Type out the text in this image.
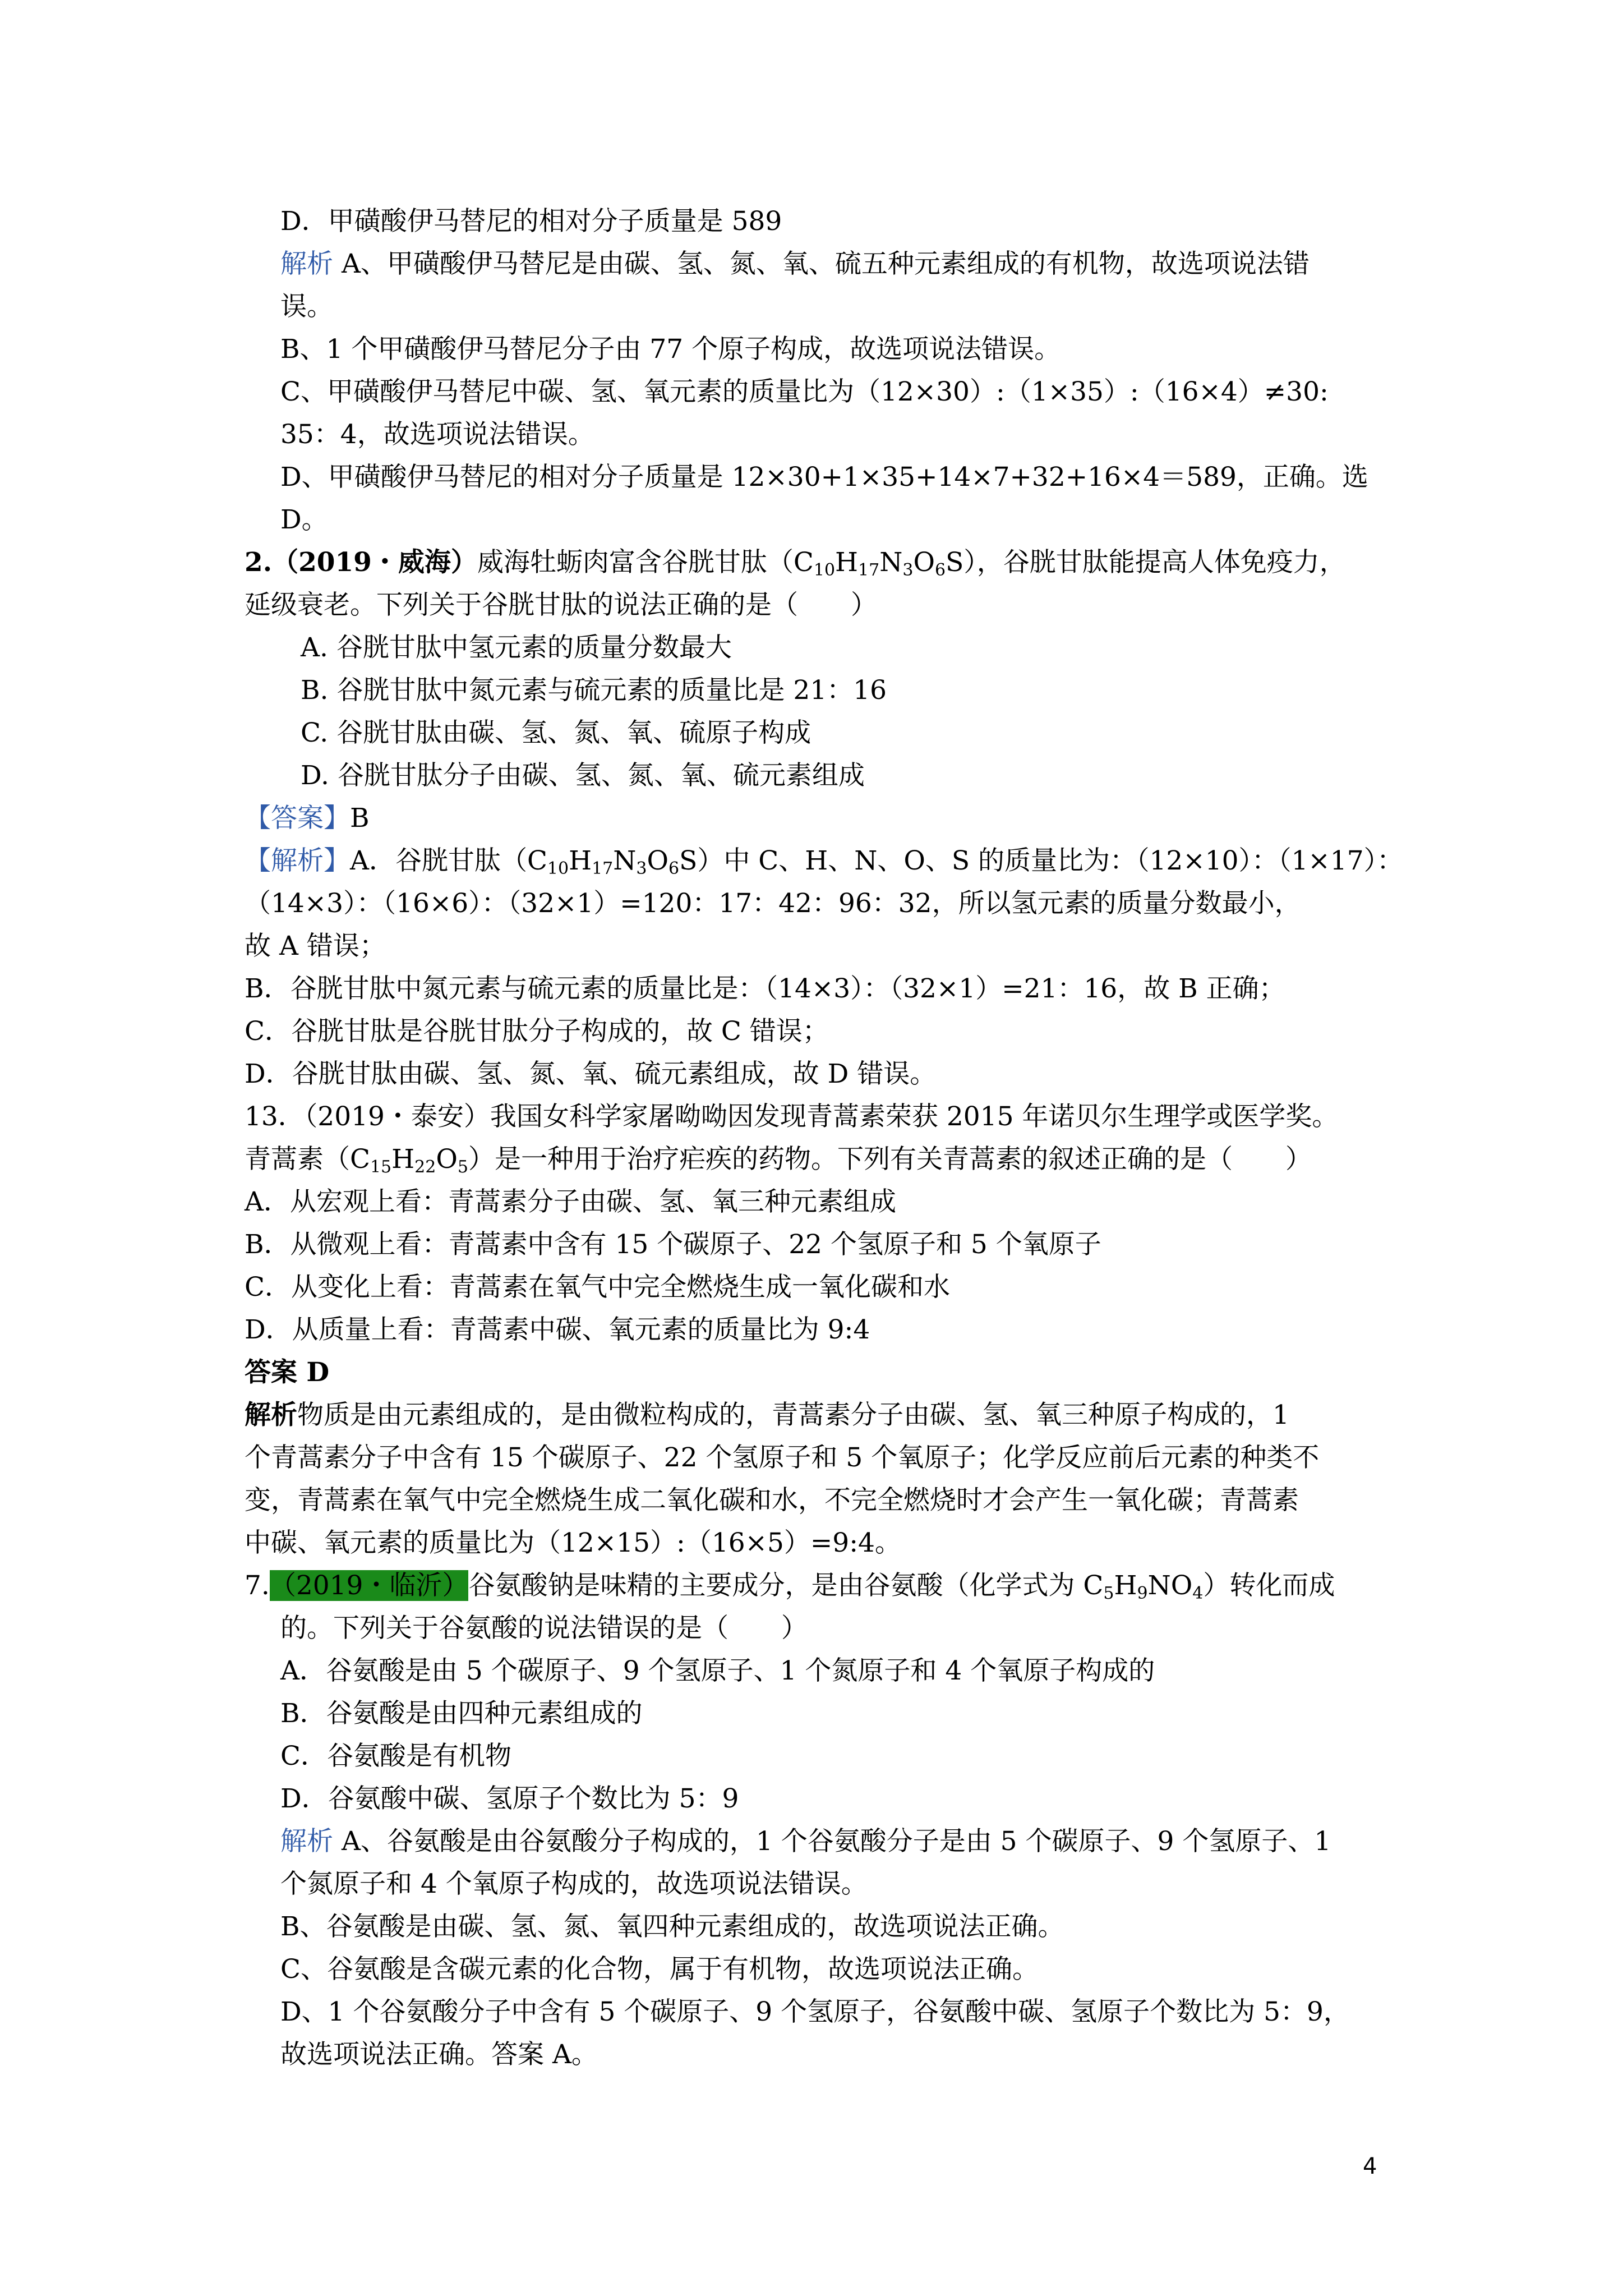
D．甲磺酸伊马替尼的相对分子质量是 589
解析 A、甲磺酸伊马替尼是由碳、氢、氮、氧、硫五种元素组成的有机物，故选项说法错
误。
B、1 个甲磺酸伊马替尼分子由 77 个原子构成，故选项说法错误。
C、甲磺酸伊马替尼中碳、氢、氧元素的质量比为（12×30）:（1×35）:（16×4）≠30:
35：4，故选项说法错误。
D、甲磺酸伊马替尼的相对分子质量是 12×30+1×35+14×7+32+16×4＝589，正确。选
D。
2.（2019・威海）威海牡蛎肉富含谷胱甘肽$(C_{10}H_{17}N_3O_6S)$，谷胱甘肽能提高人体免疫力，
延级衰老。下列关于谷胱甘肽的说法正确的是（　　）
A. 谷胱甘肽中氢元素的质量分数最大
B. 谷胱甘肽中氮元素与硫元素的质量比是 21：16
C. 谷胱甘肽由碳、氢、氮、氧、硫原子构成
D. 谷胱甘肽分子由碳、氢、氮、氧、硫元素组成
【答案】B
【解析】A．谷胱甘肽$(C_{10}H_{17}N_3O_6S)$中 C、H、N、O、S 的质量比为：（12×10）：（1×17）：
（14×3）：（16×6）：（32×1）=120：17：42：96：32，所以氢元素的质量分数最小，
故 A 错误；
B．谷胱甘肽中氮元素与硫元素的质量比是：（14×3）：（32×1）=21：16，故 B 正确；
C．谷胱甘肽是谷胱甘肽分子构成的，故 C 错误；
D．谷胱甘肽由碳、氢、氮、氧、硫元素组成，故 D 错误。
13．（2019・泰安）我国女科学家屠呦呦因发现青蒿素荣获 2015 年诺贝尔生理学或医学奖。
青蒿素$(C_{15}H_{22}O_5)$是一种用于治疗疟疾的药物。下列有关青蒿素的叙述正确的是（　　）
A．从宏观上看：青蒿素分子由碳、氢、氧三种元素组成
B．从微观上看：青蒿素中含有 15 个碳原子、22 个氢原子和 5 个氧原子
C．从变化上看：青蒿素在氧气中完全燃烧生成一氧化碳和水
D．从质量上看：青蒿素中碳、氧元素的质量比为 9:4
答案 D
解析物质是由元素组成的，是由微粒构成的，青蒿素分子由碳、氢、氧三种原子构成的，1
个青蒿素分子中含有 15 个碳原子、22 个氢原子和 5 个氧原子；化学反应前后元素的种类不
变，青蒿素在氧气中完全燃烧生成二氧化碳和水，不完全燃烧时才会产生一氧化碳；青蒿素
中碳、氧元素的质量比为（12×15）:（16×5）=9:4。
7.（2019・临沂）谷氨酸钠是味精的主要成分，是由谷氨酸（化学式为 $C_5H_9NO_4$）转化而成
的。下列关于谷氨酸的说法错误的是（　　）
A．谷氨酸是由 5 个碳原子、9 个氢原子、1 个氮原子和 4 个氧原子构成的
B．谷氨酸是由四种元素组成的
C．谷氨酸是有机物
D．谷氨酸中碳、氢原子个数比为 5：9
解析 A、谷氨酸是由谷氨酸分子构成的，1 个谷氨酸分子是由 5 个碳原子、9 个氢原子、1
个氮原子和 4 个氧原子构成的，故选项说法错误。
B、谷氨酸是由碳、氢、氮、氧四种元素组成的，故选项说法正确。
C、谷氨酸是含碳元素的化合物，属于有机物，故选项说法正确。
D、1 个谷氨酸分子中含有 5 个碳原子、9 个氢原子，谷氨酸中碳、氢原子个数比为 5：9，
故选项说法正确。答案 A。
4
